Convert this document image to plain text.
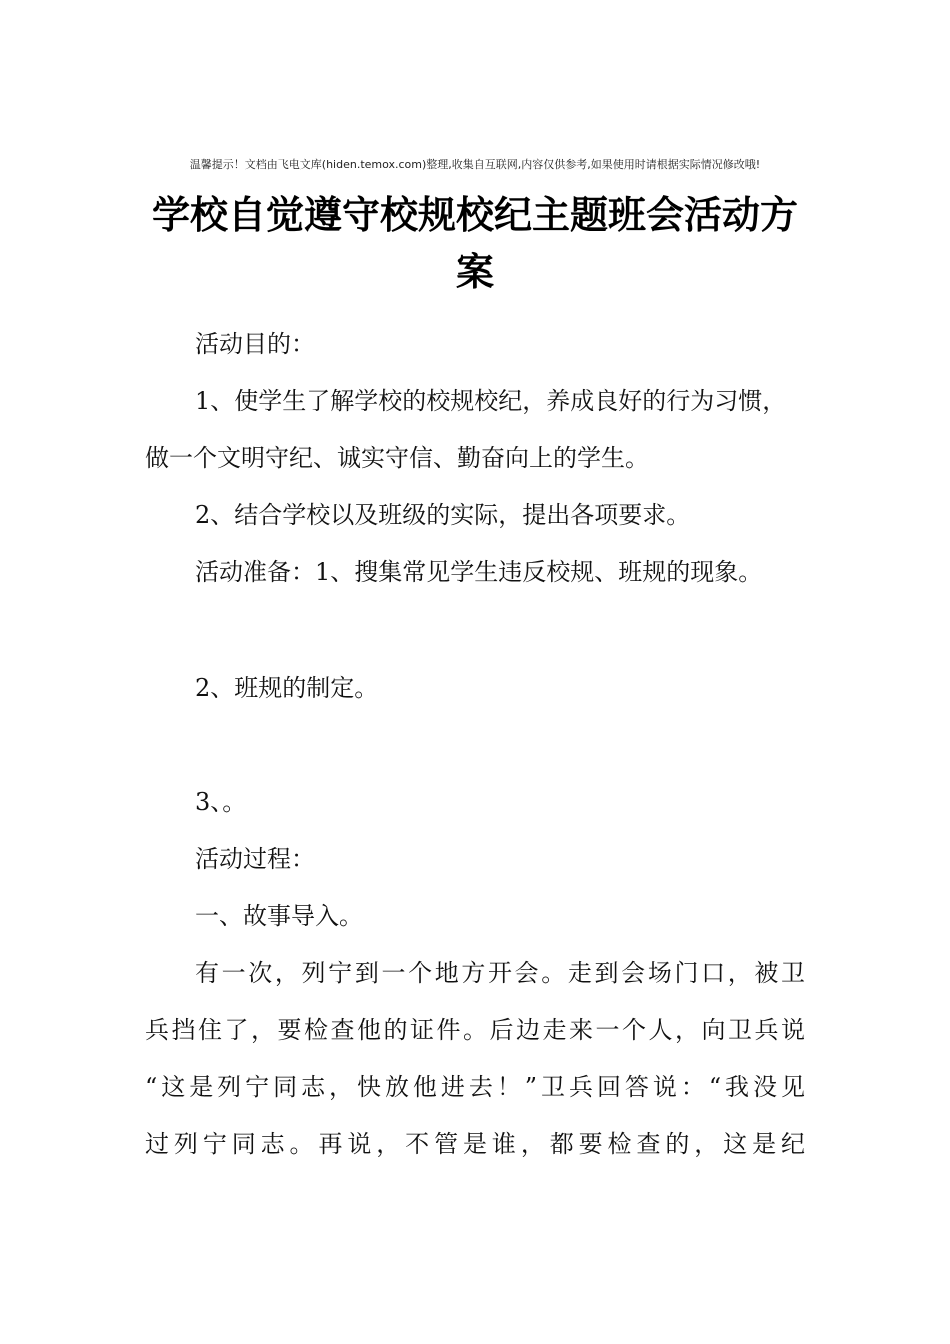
温馨提示！文档由飞电文库(hiden.temox.com)整理,收集自互联网,内容仅供参考,如果使用时请根据实际情况修改哦!
学校自觉遵守校规校纪主题班会活动方
案
活动目的：
1、使学生了解学校的校规校纪，养成良好的行为习惯，
做一个文明守纪、诚实守信、勤奋向上的学生。
2、结合学校以及班级的实际，提出各项要求。
活动准备：1、搜集常见学生违反校规、班规的现象。
2、班规的制定。
3、。
活动过程：
一、故事导入。
有一次，列宁到一个地方开会。走到会场门口，被卫
兵挡住了，要检查他的证件。后边走来一个人，向卫兵说
“这是列宁同志，快放他进去！”卫兵回答说：“我没见
过列宁同志。再说，不管是谁，都要检查的，这是纪
